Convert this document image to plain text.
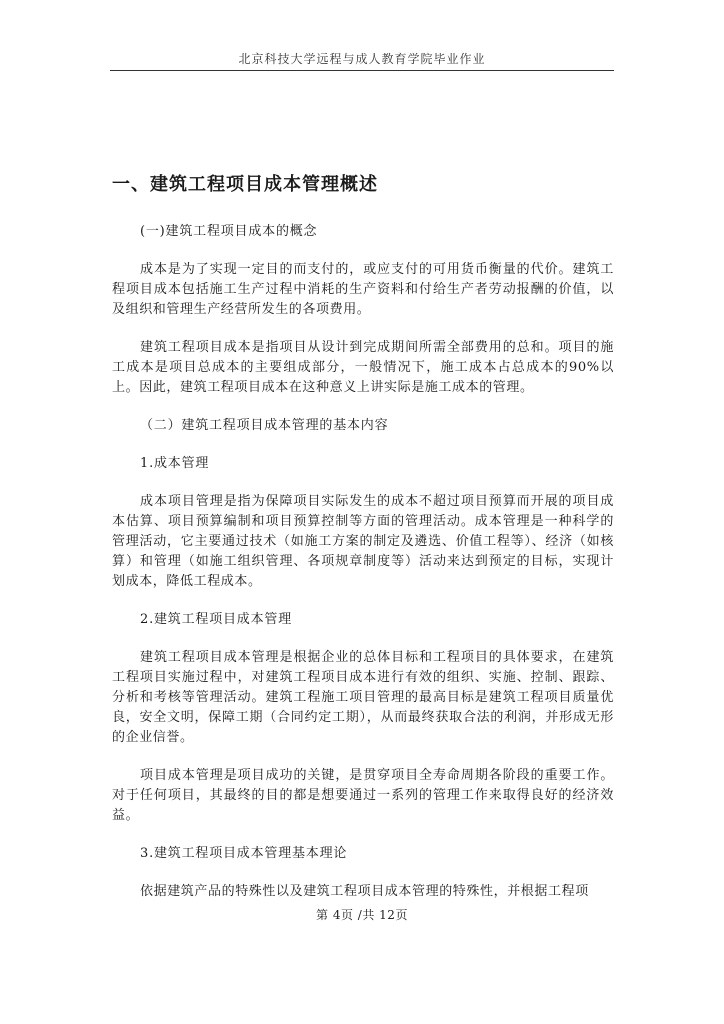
北京科技大学远程与成人教育学院毕业作业
一、建筑工程项目成本管理概述
(一)建筑工程项目成本的概念

成本是为了实现一定目的而支付的，或应支付的可用货币衡量的代价。建筑工程项目成本包括施工生产过程中消耗的生产资料和付给生产者劳动报酬的价值，以及组织和管理生产经营所发生的各项费用。

建筑工程项目成本是指项目从设计到完成期间所需全部费用的总和。项目的施工成本是项目总成本的主要组成部分，一般情况下，施工成本占总成本的90%以上。因此，建筑工程项目成本在这种意义上讲实际是施工成本的管理。

（二）建筑工程项目成本管理的基本内容
1.成本管理

成本项目管理是指为保障项目实际发生的成本不超过项目预算而开展的项目成本估算、项目预算编制和项目预算控制等方面的管理活动。成本管理是一种科学的管理活动，它主要通过技术（如施工方案的制定及遴选、价值工程等）、经济（如核算）和管理（如施工组织管理、各项规章制度等）活动来达到预定的目标，实现计划成本，降低工程成本。

2.建筑工程项目成本管理

建筑工程项目成本管理是根据企业的总体目标和工程项目的具体要求，在建筑工程项目实施过程中，对建筑工程项目成本进行有效的组织、实施、控制、跟踪、分析和考核等管理活动。建筑工程施工项目管理的最高目标是建筑工程项目质量优良，安全文明，保障工期（合同约定工期），从而最终获取合法的利润，并形成无形的企业信誉。

项目成本管理是项目成功的关键，是贯穿项目全寿命周期各阶段的重要工作。对于任何项目，其最终的目的都是想要通过一系列的管理工作来取得良好的经济效益。

3.建筑工程项目成本管理基本理论

依据建筑产品的特殊性以及建筑工程项目成本管理的特殊性，并根据工程项

第 4页 /共 12页
